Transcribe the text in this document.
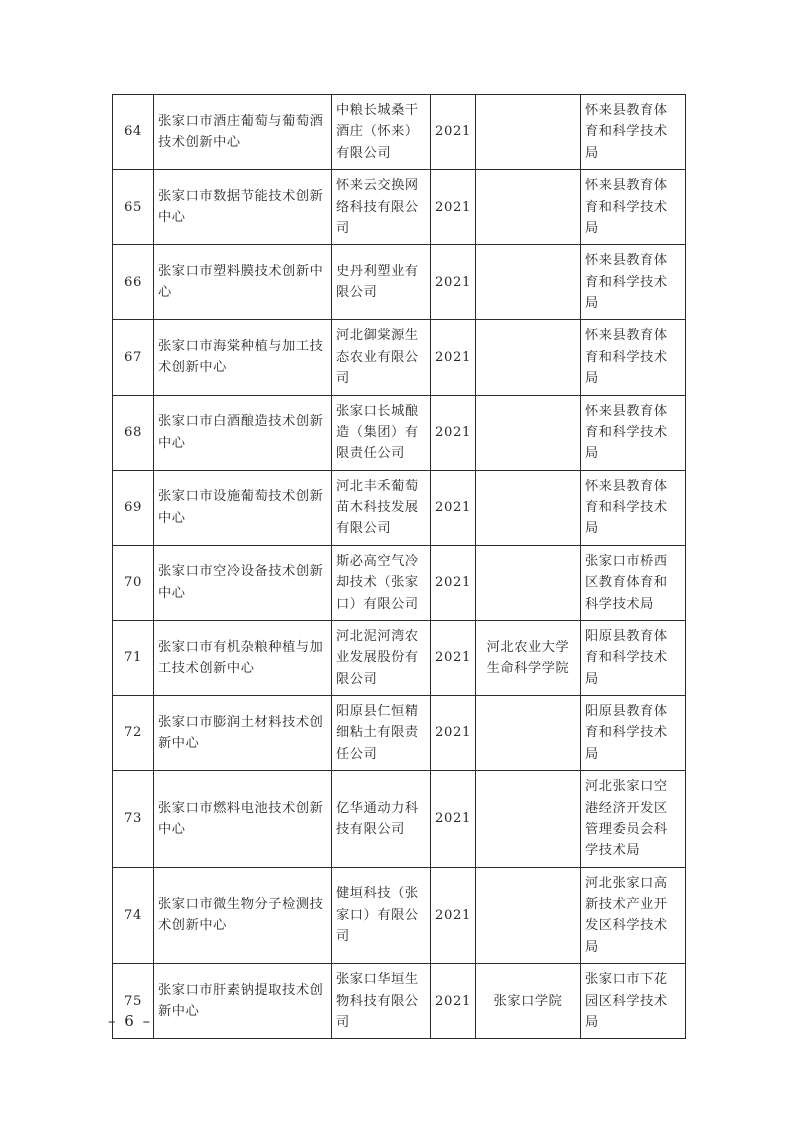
64	张家口市酒庄葡萄与葡萄酒技术创新中心	中粮长城桑干酒庄（怀来）有限公司	2021		怀来县教育体育和科学技术局
65	张家口市数据节能技术创新中心	怀来云交换网络科技有限公司	2021		怀来县教育体育和科学技术局
66	张家口市塑料膜技术创新中心	史丹利塑业有限公司	2021		怀来县教育体育和科学技术局
67	张家口市海棠种植与加工技术创新中心	河北御棠源生态农业有限公司	2021		怀来县教育体育和科学技术局
68	张家口市白酒酿造技术创新中心	张家口长城酿造（集团）有限责任公司	2021		怀来县教育体育和科学技术局
69	张家口市设施葡萄技术创新中心	河北丰禾葡萄苗木科技发展有限公司	2021		怀来县教育体育和科学技术局
70	张家口市空冷设备技术创新中心	斯必高空气冷却技术（张家口）有限公司	2021		张家口市桥西区教育体育和科学技术局
71	张家口市有机杂粮种植与加工技术创新中心	河北泥河湾农业发展股份有限公司	2021	河北农业大学生命科学学院	阳原县教育体育和科学技术局
72	张家口市膨润土材料技术创新中心	阳原县仁恒精细粘土有限责任公司	2021		阳原县教育体育和科学技术局
73	张家口市燃料电池技术创新中心	亿华通动力科技有限公司	2021		河北张家口空港经济开发区管理委员会科学技术局
74	张家口市微生物分子检测技术创新中心	健垣科技（张家口）有限公司	2021		河北张家口高新技术产业开发区科学技术局
75	张家口市肝素钠提取技术创新中心	张家口华垣生物科技有限公司	2021	张家口学院	张家口市下花园区科学技术局
– 6 –
